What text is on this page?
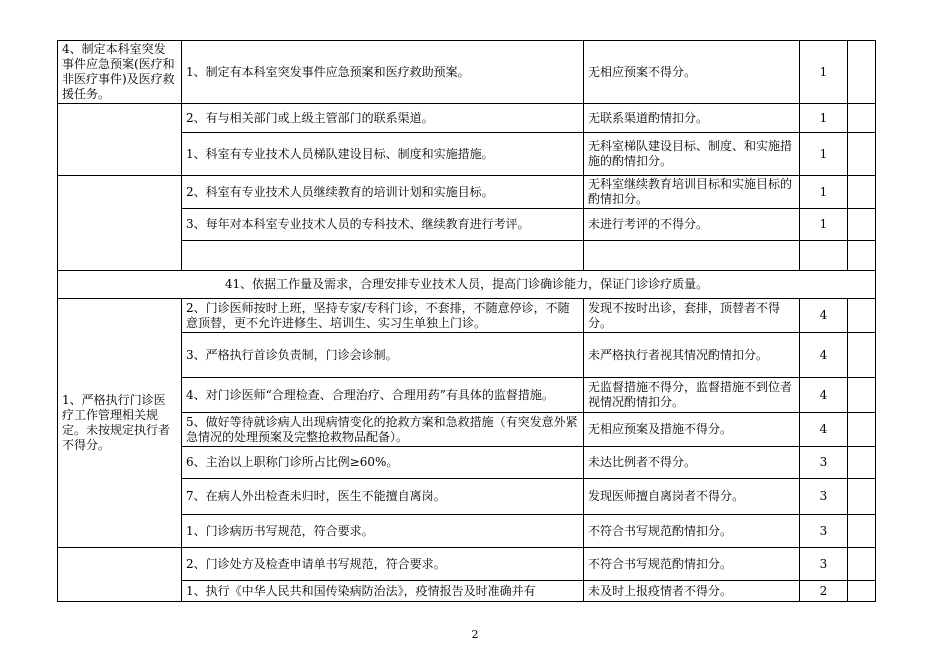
4、制定本科室突发事件应急预案(医疗和非医疗事件)及医疗救援任务。	1、制定有本科室突发事件应急预案和医疗救助预案。	无相应预案不得分。	1	
	2、有与相关部门或上级主管部门的联系渠道。	无联系渠道酌情扣分。	1	
	1、科室有专业技术人员梯队建设目标、制度和实施措施。	无科室梯队建设目标、制度、和实施措施的酌情扣分。	1	
	2、科室有专业技术人员继续教育的培训计划和实施目标。	无科室继续教育培训目标和实施目标的酌情扣分。	1	
	3、每年对本科室专业技术人员的专科技术、继续教育进行考评。	未进行考评的不得分。	1	

41、依据工作量及需求，合理安排专业技术人员，提高门诊确诊能力，保证门诊诊疗质量。				
1、严格执行门诊医疗工作管理相关规定。未按规定执行者不得分。	2、门诊医师按时上班，坚持专家/专科门诊，不套排，不随意停诊，不随意顶替，更不允许进修生、培训生、实习生单独上门诊。	发现不按时出诊，套排，顶替者不得分。	4	
	3、严格执行首诊负责制，门诊会诊制。	未严格执行者视其情况酌情扣分。	4	
	4、对门诊医师“合理检查、合理治疗、合理用药”有具体的监督措施。	无监督措施不得分，监督措施不到位者视情况酌情扣分。	4	
	5、做好等待就诊病人出现病情变化的抢救方案和急救措施（有突发意外紧急情况的处理预案及完整抢救物品配备）。	无相应预案及措施不得分。	4	
	6、主治以上职称门诊所占比例≥60%。	未达比例者不得分。	3	
	7、在病人外出检查未归时，医生不能擅自离岗。	发现医师擅自离岗者不得分。	3	
	1、门诊病历书写规范，符合要求。	不符合书写规范酌情扣分。	3	
	2、门诊处方及检查申请单书写规范，符合要求。	不符合书写规范酌情扣分。	3	
	1、执行《中华人民共和国传染病防治法》，疫情报告及时准确并有	未及时上报疫情者不得分。	2	
2
